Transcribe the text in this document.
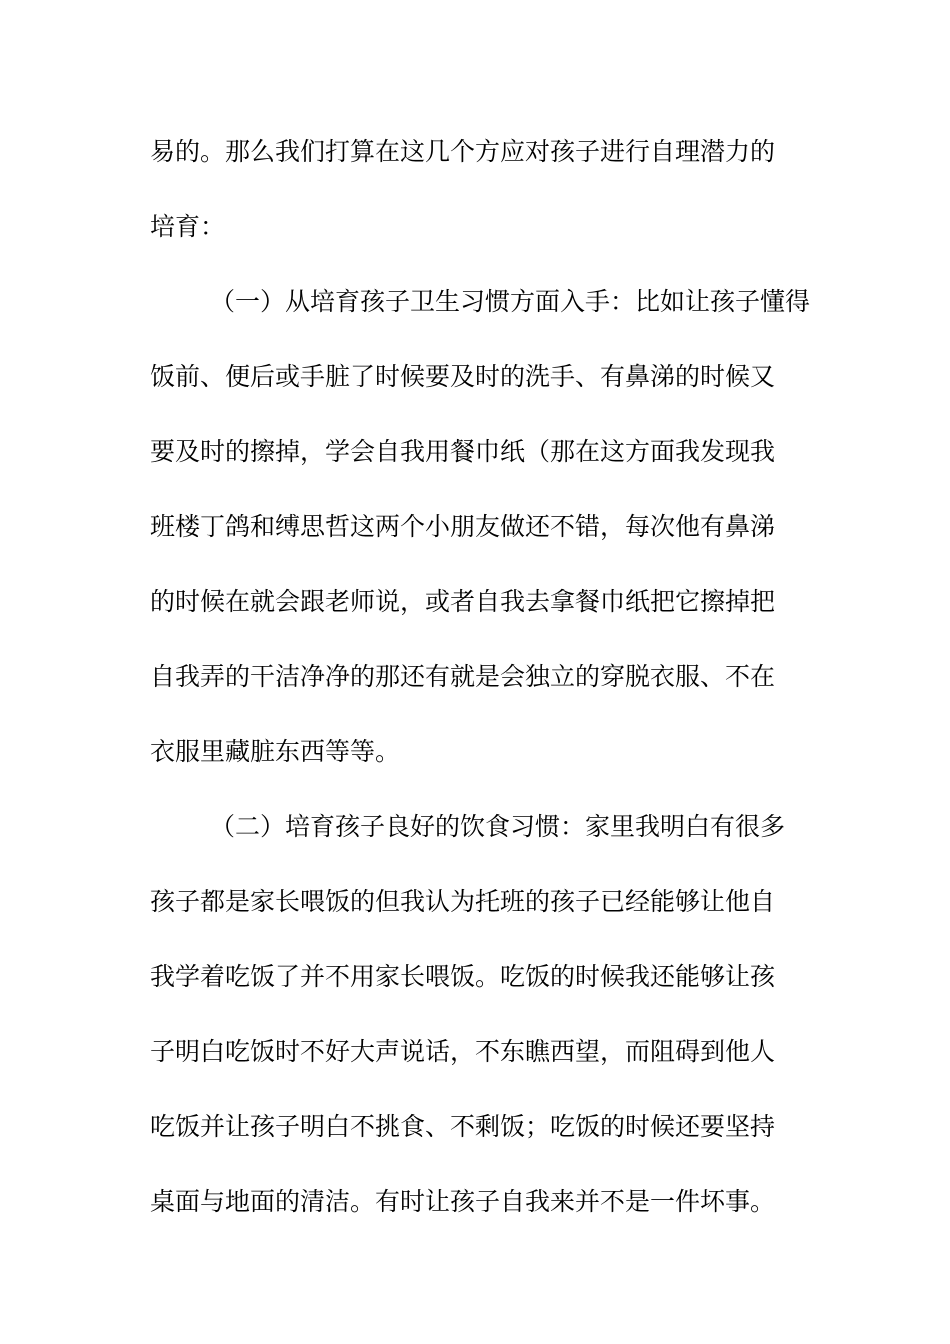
易的。那么我们打算在这几个方应对孩子进行自理潜力的
培育：
（一）从培育孩子卫生习惯方面入手：比如让孩子懂得
饭前、便后或手脏了时候要及时的洗手、有鼻涕的时候又
要及时的擦掉，学会自我用餐巾纸（那在这方面我发现我
班楼丁鸽和缚思哲这两个小朋友做还不错，每次他有鼻涕
的时候在就会跟老师说，或者自我去拿餐巾纸把它擦掉把
自我弄的干洁净净的那还有就是会独立的穿脱衣服、不在
衣服里藏脏东西等等。
（二）培育孩子良好的饮食习惯：家里我明白有很多
孩子都是家长喂饭的但我认为托班的孩子已经能够让他自
我学着吃饭了并不用家长喂饭。吃饭的时候我还能够让孩
子明白吃饭时不好大声说话，不东瞧西望，而阻碍到他人
吃饭并让孩子明白不挑食、不剩饭；吃饭的时候还要坚持
桌面与地面的清洁。有时让孩子自我来并不是一件坏事。
